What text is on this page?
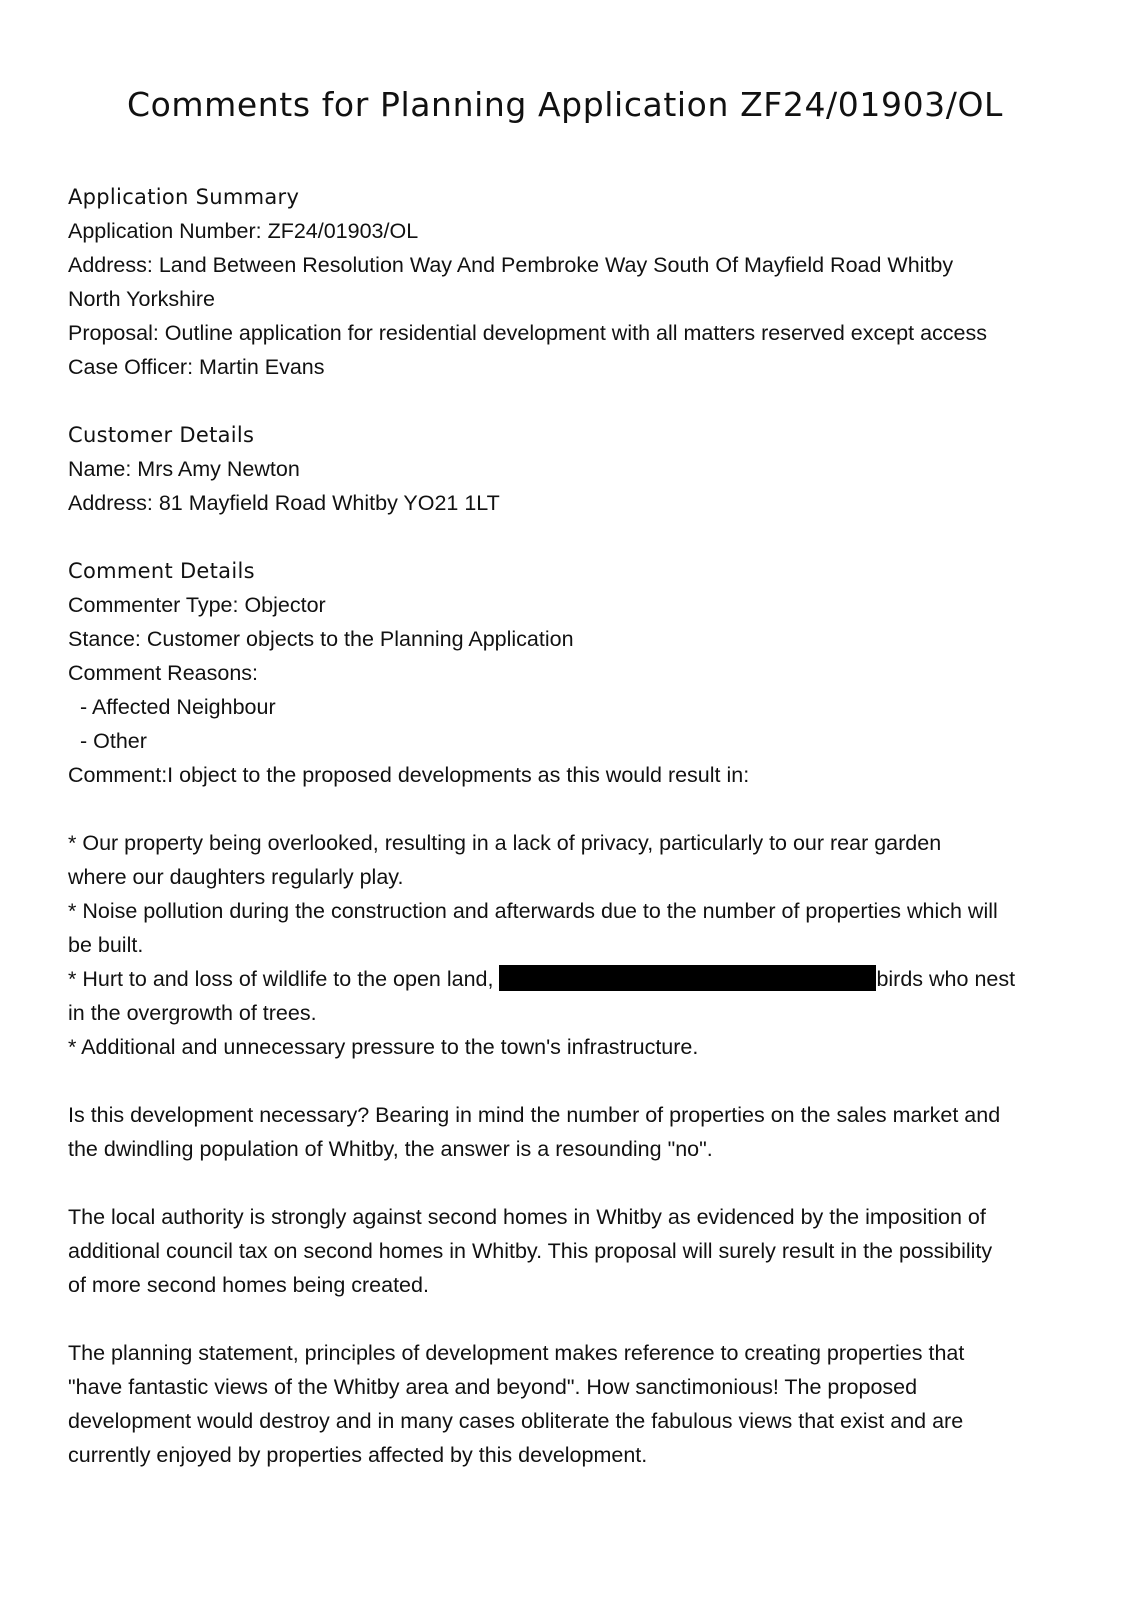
Comments for Planning Application ZF24/01903/OL
Application Summary
Application Number: ZF24/01903/OL
Address: Land Between Resolution Way And Pembroke Way South Of Mayfield Road Whitby
North Yorkshire
Proposal: Outline application for residential development with all matters reserved except access
Case Officer: Martin Evans
Customer Details
Name: Mrs Amy Newton
Address: 81 Mayfield Road Whitby YO21 1LT
Comment Details
Commenter Type: Objector
Stance: Customer objects to the Planning Application
Comment Reasons:
- Affected Neighbour
- Other
Comment:I object to the proposed developments as this would result in:
* Our property being overlooked, resulting in a lack of privacy, particularly to our rear garden
where our daughters regularly play.
* Noise pollution during the construction and afterwards due to the number of properties which will
be built.
* Hurt to and loss of wildlife to the open land,	birds who nest
in the overgrowth of trees.
* Additional and unnecessary pressure to the town's infrastructure.
Is this development necessary? Bearing in mind the number of properties on the sales market and
the dwindling population of Whitby, the answer is a resounding "no".
The local authority is strongly against second homes in Whitby as evidenced by the imposition of
additional council tax on second homes in Whitby. This proposal will surely result in the possibility
of more second homes being created.
The planning statement, principles of development makes reference to creating properties that
"have fantastic views of the Whitby area and beyond". How sanctimonious! The proposed
development would destroy and in many cases obliterate the fabulous views that exist and are
currently enjoyed by properties affected by this development.
